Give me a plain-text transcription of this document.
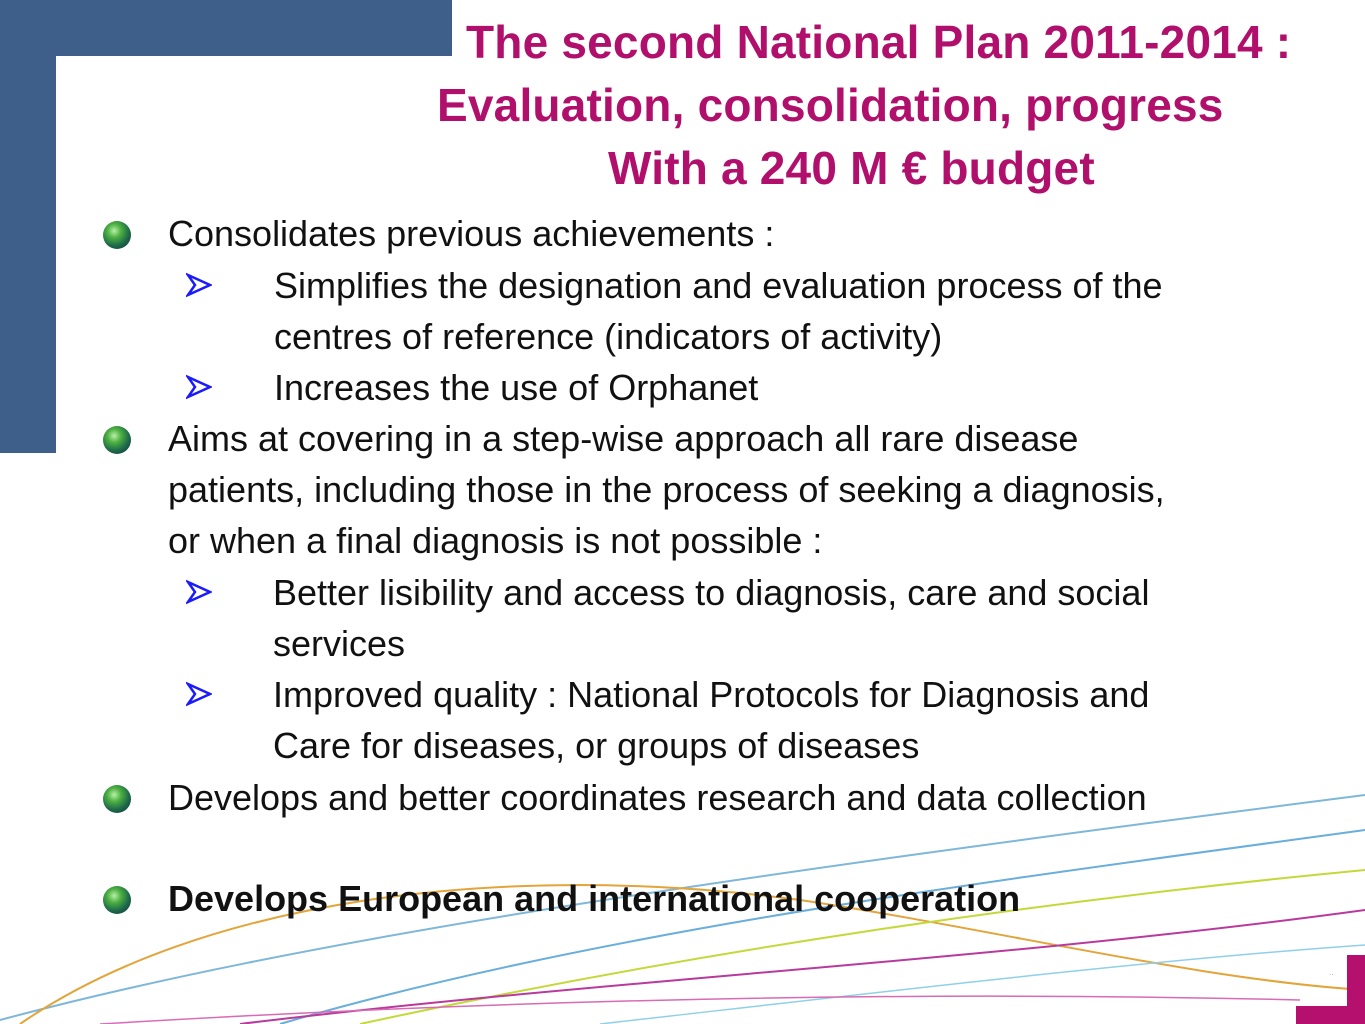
The second National Plan 2011-2014 :
Evaluation, consolidation, progress
With a 240 M € budget
Consolidates previous achievements :
Simplifies the designation and evaluation process of the
centres of reference (indicators of activity)
Increases the use of Orphanet
Aims at covering in a step-wise approach all rare disease
patients, including those in the process of seeking a diagnosis,
or when a final diagnosis is not possible :
Better lisibility and access to diagnosis, care and social
services
Improved quality : National Protocols for Diagnosis and
Care for diseases, or groups of diseases
Develops and better coordinates research and data collection
Develops European and international cooperation
..
